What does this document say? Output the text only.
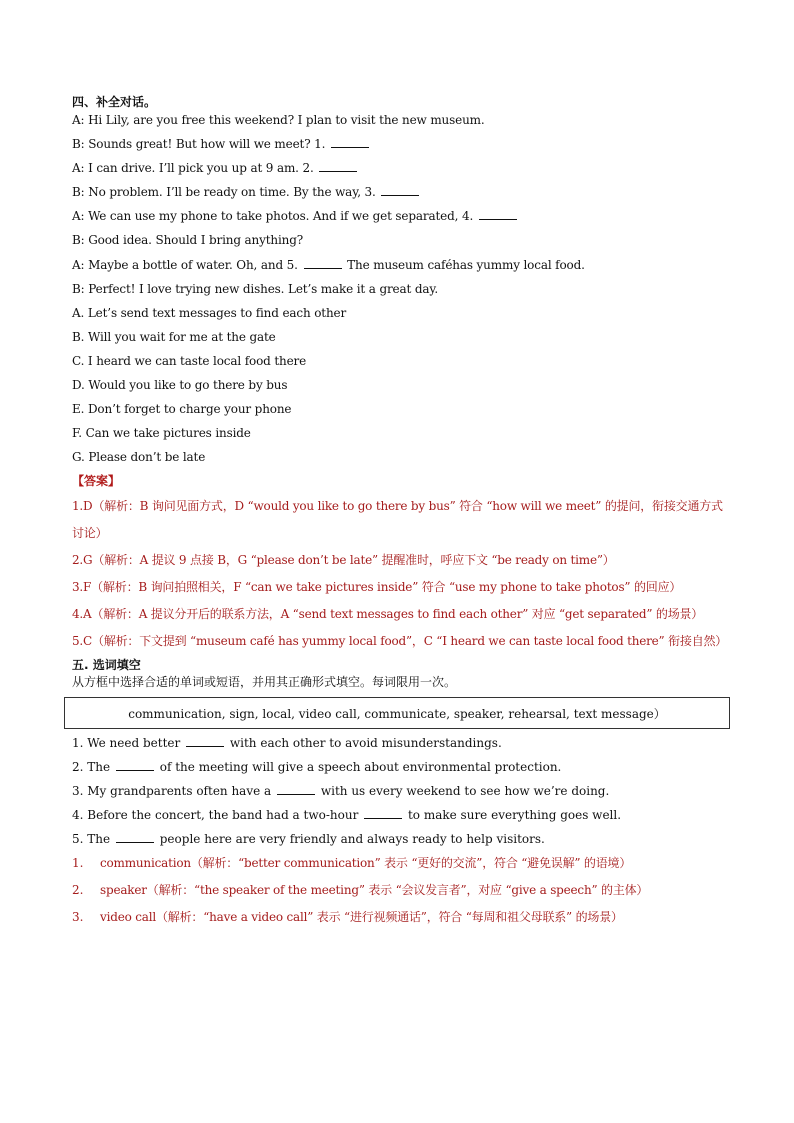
四、补全对话。
A: Hi Lily, are you free this weekend? I plan to visit the new museum.
B: Sounds great! But how will we meet? 1.
A: I can drive. I’ll pick you up at 9 am. 2.
B: No problem. I’ll be ready on time. By the way, 3.
A: We can use my phone to take photos. And if we get separated, 4.
B: Good idea. Should I bring anything?
A: Maybe a bottle of water. Oh, and 5.	The museum caféhas yummy local food.
B: Perfect! I love trying new dishes. Let’s make it a great day.
A. Let’s send text messages to find each other
B. Will you wait for me at the gate
C. I heard we can taste local food there
D. Would you like to go there by bus
E. Don’t forget to charge your phone
F. Can we take pictures inside
G. Please don’t be late
【答案】

1.D（解析：B 询问见面方式，D “would you like to go there by bus” 符合 “how will we meet” 的提问，衔接交通方式讨论）

2.G（解析：A 提议 9 点接 B，G “please don’t be late” 提醒准时，呼应下文 “be ready on time”）

3.F（解析：B 询问拍照相关，F “can we take pictures inside” 符合 “use my phone to take photos” 的回应）

4.A（解析：A 提议分开后的联系方法，A “send text messages to find each other” 对应 “get separated” 的场景）

5.C（解析：下文提到 “museum café has yummy local food”，C “I heard we can taste local food there” 衔接自然）

五. 选词填空
从方框中选择合适的单词或短语，并用其正确形式填空。每词限用一次。
communication, sign, local, video call, communicate, speaker, rehearsal, text message）
1. We need better	with each other to avoid misunderstandings.
2. The	of the meeting will give a speech about environmental protection.
3. My grandparents often have a	with us every weekend to see how we’re doing.
4. Before the concert, the band had a two-hour	to make sure everything goes well.
5. The	people here are very friendly and always ready to help visitors.
1.	communication（解析：“better communication” 表示 “更好的交流”，符合 “避免误解” 的语境）
2.	speaker（解析：“the speaker of the meeting” 表示 “会议发言者”，对应 “give a speech” 的主体）
3.	video call（解析：“have a video call” 表示 “进行视频通话”，符合 “每周和祖父母联系” 的场景）
